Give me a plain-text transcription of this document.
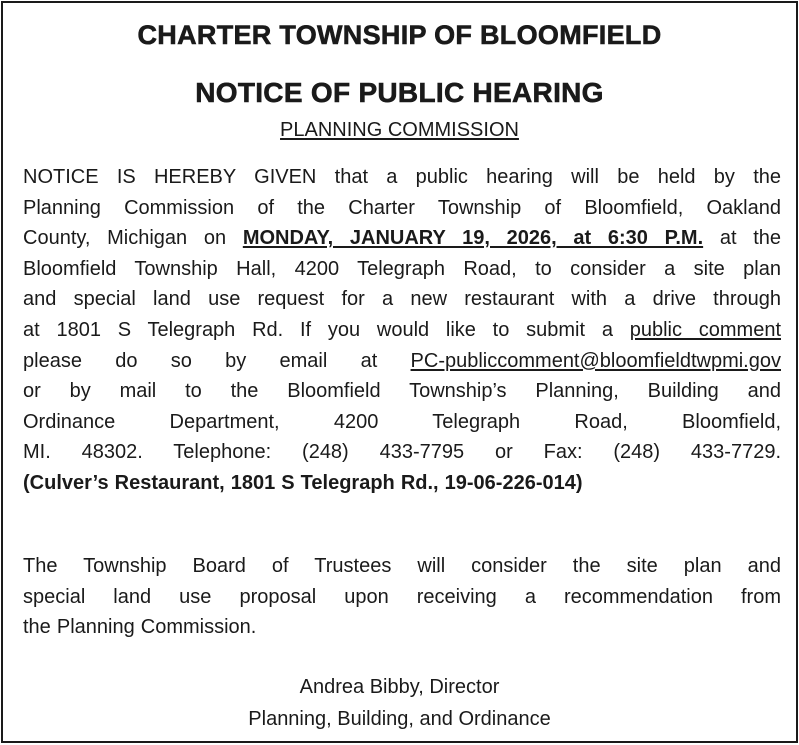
CHARTER TOWNSHIP OF BLOOMFIELD
NOTICE OF PUBLIC HEARING
PLANNING COMMISSION
NOTICE IS HEREBY GIVEN that a public hearing will be held by the
Planning Commission of the Charter Township of Bloomfield, Oakland
County, Michigan on MONDAY, JANUARY 19, 2026, at 6:30 P.M. at the
Bloomfield Township Hall, 4200 Telegraph Road, to consider a site plan
and special land use request for a new restaurant with a drive through
at 1801 S Telegraph Rd. If you would like to submit a public comment
please do so by email at PC-publiccomment@bloomfieldtwpmi.gov
or by mail to the Bloomfield Township’s Planning, Building and
Ordinance Department, 4200 Telegraph Road, Bloomfield,
MI. 48302. Telephone: (248) 433-7795 or Fax: (248) 433-7729.
(Culver’s Restaurant, 1801 S Telegraph Rd., 19-06-226-014)
The Township Board of Trustees will consider the site plan and
special land use proposal upon receiving a recommendation from
the Planning Commission.
Andrea Bibby, Director
Planning, Building, and Ordinance
